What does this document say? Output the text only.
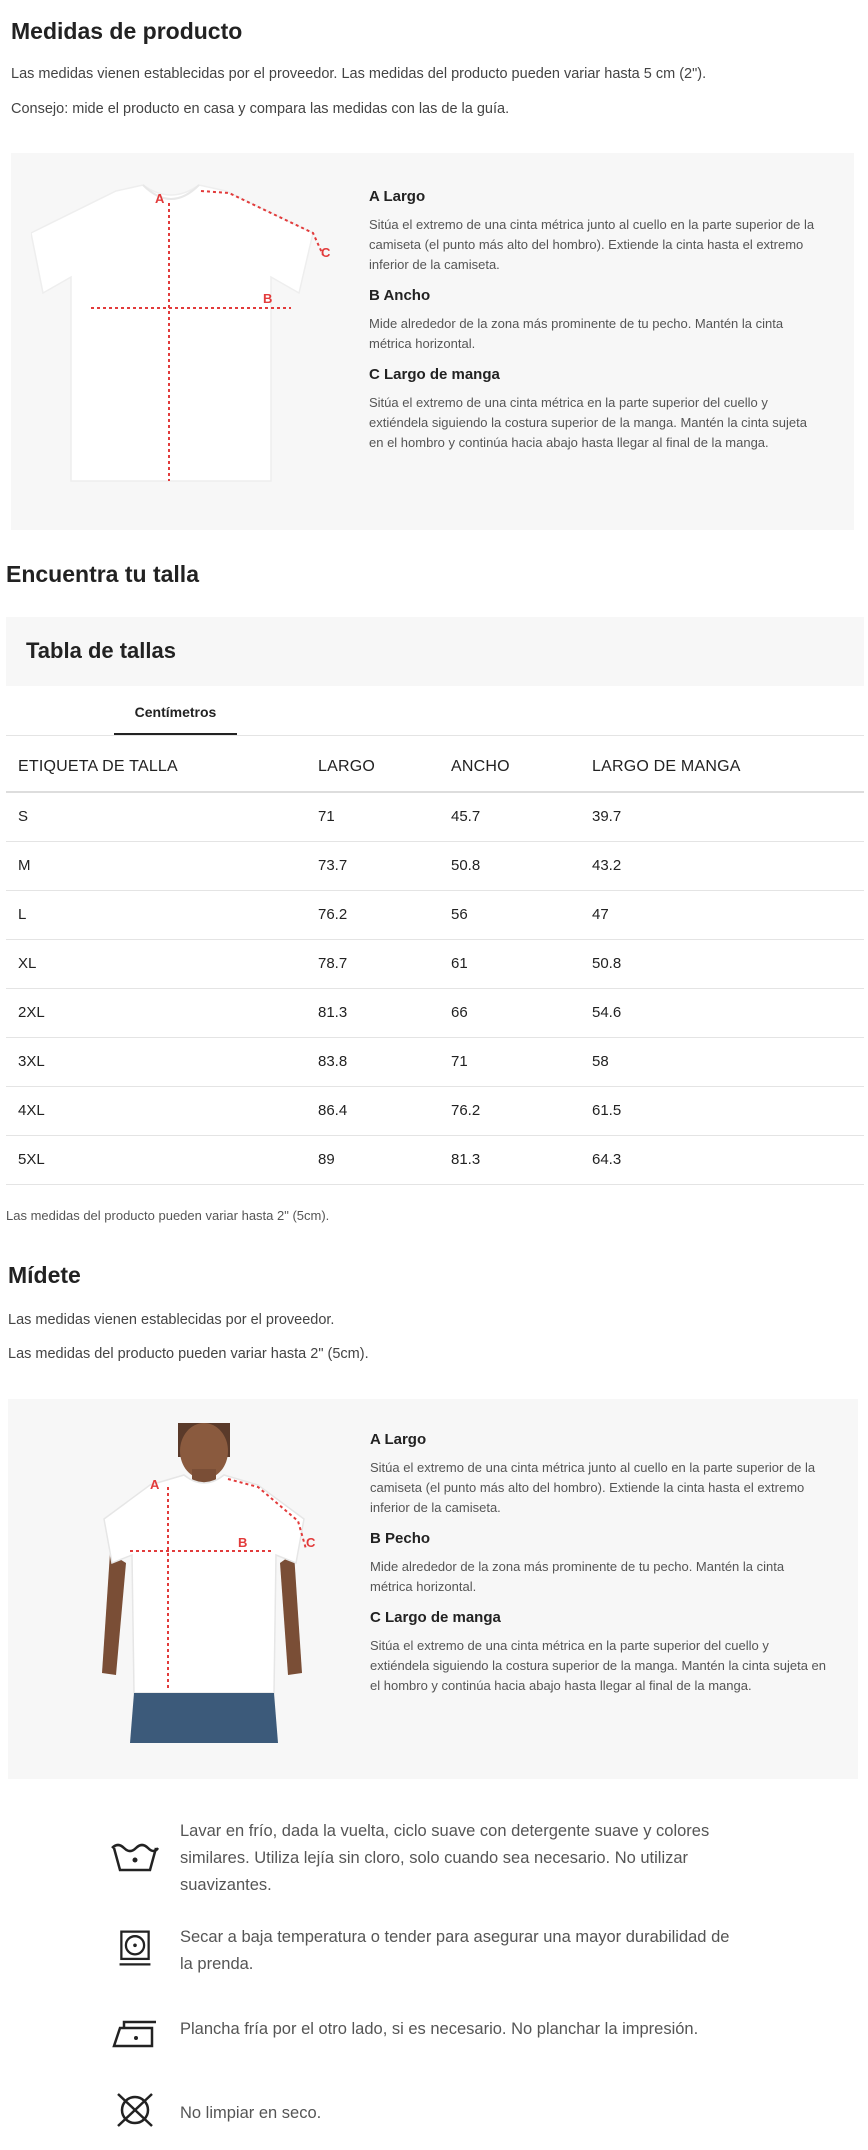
Medidas de producto

Las medidas vienen establecidas por el proveedor. Las medidas del producto pueden variar hasta 5 cm (2").

Consejo: mide el producto en casa y compara las medidas con las de la guía.

A
B
C
A Largo
Sitúa el extremo de una cinta métrica junto al cuello en la parte superior de la camiseta (el punto más alto del hombro). Extiende la cinta hasta el extremo inferior de la camiseta.
B Ancho
Mide alrededor de la zona más prominente de tu pecho. Mantén la cinta métrica horizontal.
C Largo de manga
Sitúa el extremo de una cinta métrica en la parte superior del cuello y extiéndela siguiendo la costura superior de la manga. Mantén la cinta sujeta en el hombro y continúa hacia abajo hasta llegar al final de la manga.
Encuentra tu talla
Tabla de tallas
Centímetros
ETIQUETA DE TALLA	LARGO	ANCHO	LARGO DE MANGA
S	71	45.7	39.7
M	73.7	50.8	43.2
L	76.2	56	47
XL	78.7	61	50.8
2XL	81.3	66	54.6
3XL	83.8	71	58
4XL	86.4	76.2	61.5
5XL	89	81.3	64.3

Las medidas del producto pueden variar hasta 2" (5cm).

Mídete

Las medidas vienen establecidas por el proveedor.

Las medidas del producto pueden variar hasta 2" (5cm).

A
B	C
A Largo
Sitúa el extremo de una cinta métrica junto al cuello en la parte superior de la camiseta (el punto más alto del hombro). Extiende la cinta hasta el extremo inferior de la camiseta.
B Pecho
Mide alrededor de la zona más prominente de tu pecho. Mantén la cinta métrica horizontal.
C Largo de manga
Sitúa el extremo de una cinta métrica en la parte superior del cuello y extiéndela siguiendo la costura superior de la manga. Mantén la cinta sujeta en el hombro y continúa hacia abajo hasta llegar al final de la manga.
Lavar en frío, dada la vuelta, ciclo suave con detergente suave y colores similares. Utiliza lejía sin cloro, solo cuando sea necesario. No utilizar suavizantes.
Secar a baja temperatura o tender para asegurar una mayor durabilidad de la prenda.
Plancha fría por el otro lado, si es necesario. No planchar la impresión.
No limpiar en seco.
